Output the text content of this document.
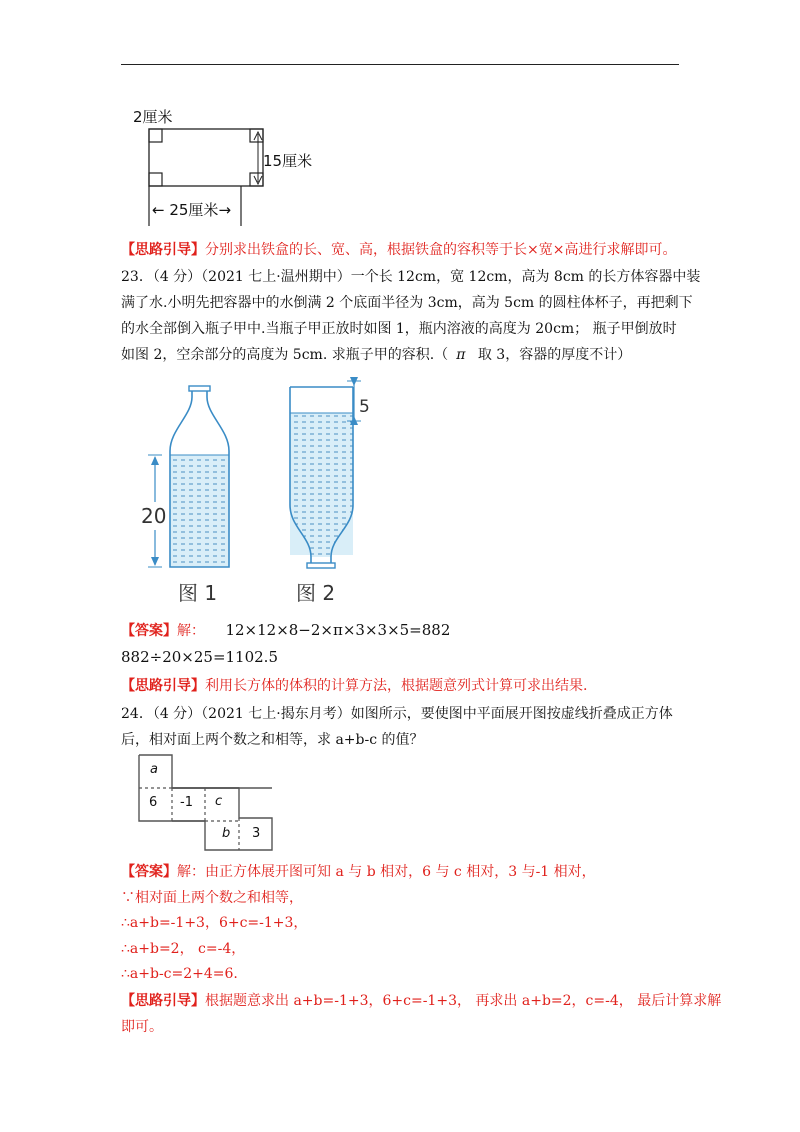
2厘米
15厘米
← 25厘米→
【思路引导】分别求出铁盒的长、宽、高，根据铁盒的容积等于长×宽×高进行求解即可。
23．（4 分）（2021 七上·温州期中）一个长 12cm，宽 12cm，高为 8cm 的长方体容器中装
满了水.小明先把容器中的水倒满 2 个底面半径为 3cm，高为 5cm 的圆柱体杯子，再把剩下
的水全部倒入瓶子甲中.当瓶子甲正放时如图 1，瓶内溶液的高度为 20cm； 瓶子甲倒放时
如图 2，空余部分的高度为 5cm. 求瓶子甲的容积.（ π 取 3，容器的厚度不计）
20
图 1
5
图 2
【答案】解： 12×12×8−2×π×3×3×5=882
882÷20×25=1102.5
【思路引导】利用长方体的体积的计算方法，根据题意列式计算可求出结果.
24．（4 分）（2021 七上·揭东月考）如图所示，要使图中平面展开图按虚线折叠成正方体
后，相对面上两个数之和相等，求 a+b-c 的值？
a
6 -1 c
b 3
【答案】解：由正方体展开图可知 a 与 b 相对，6 与 c 相对，3 与-1 相对，
∵相对面上两个数之和相等，
∴a+b=-1+3，6+c=-1+3，
∴a+b=2， c=-4，
∴a+b-c=2+4=6.
【思路引导】根据题意求出 a+b=-1+3，6+c=-1+3， 再求出 a+b=2，c=-4， 最后计算求解
即可。
